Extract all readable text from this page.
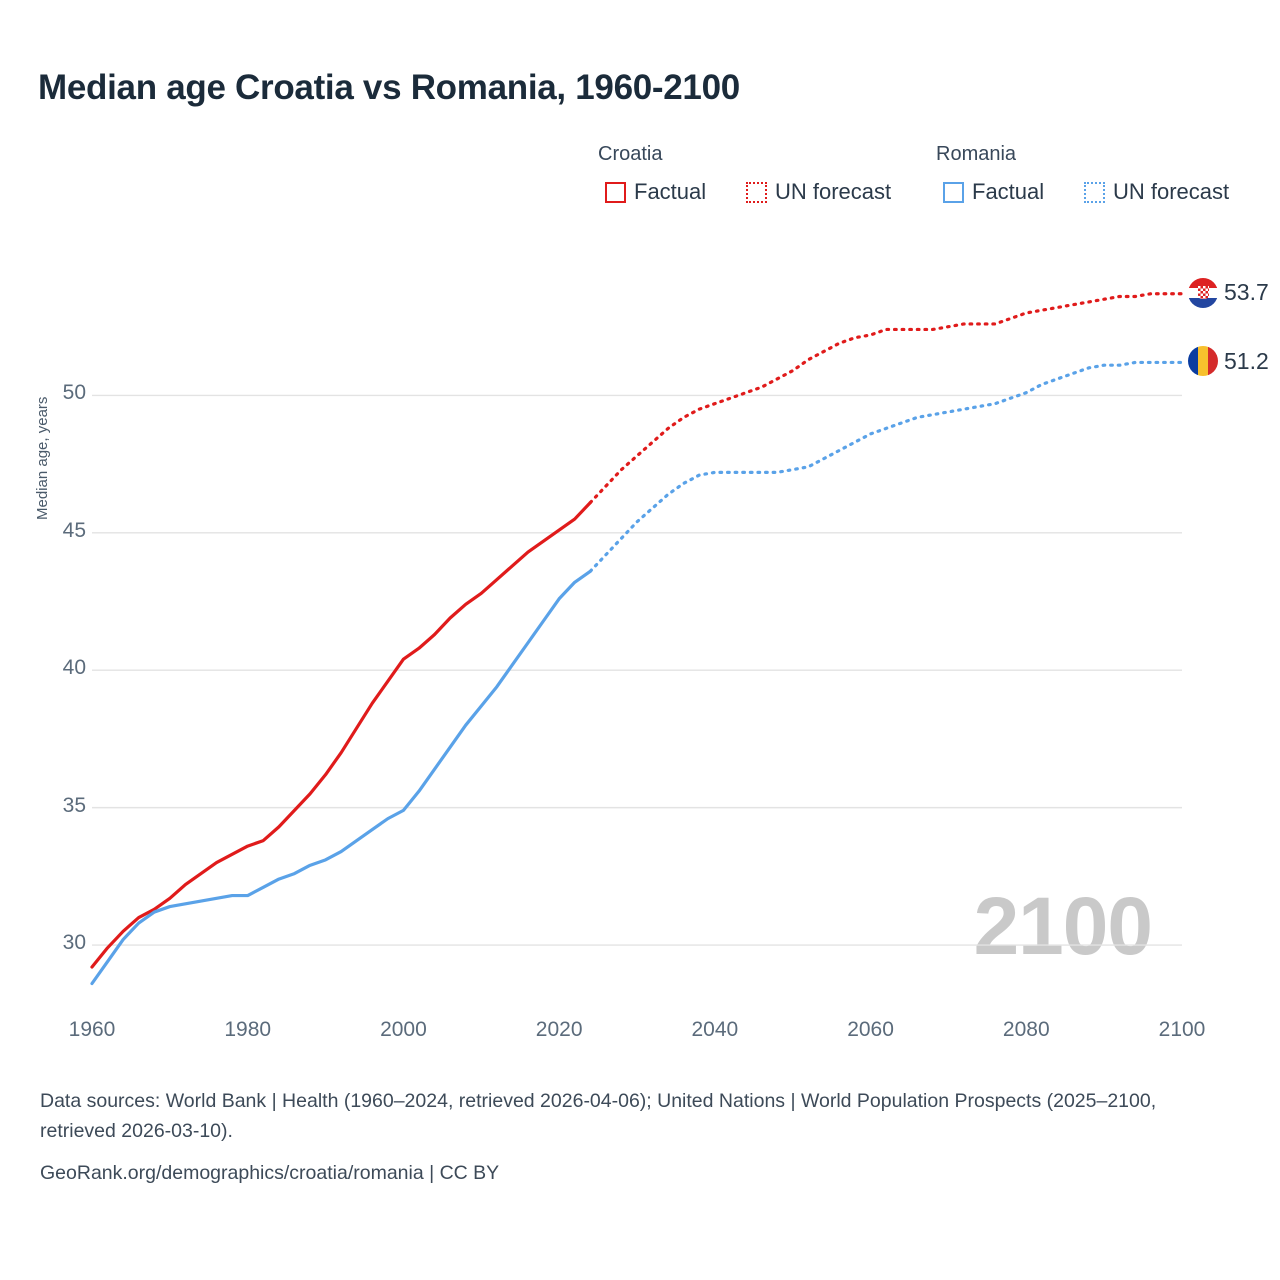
Median age Croatia vs Romania, 1960-2100
Croatia	Romania
Factual	UN forecast	Factual	UN forecast
Median age, years
2100
30
35
40
45
50
1960	1980	2000	2020	2040	2060	2080	2100
53.7
51.2
Data sources: World Bank | Health (1960–2024, retrieved 2026-04-06); United Nations | World Population Prospects (2025–2100, retrieved 2026-03-10).
GeoRank.org/demographics/croatia/romania | CC BY
